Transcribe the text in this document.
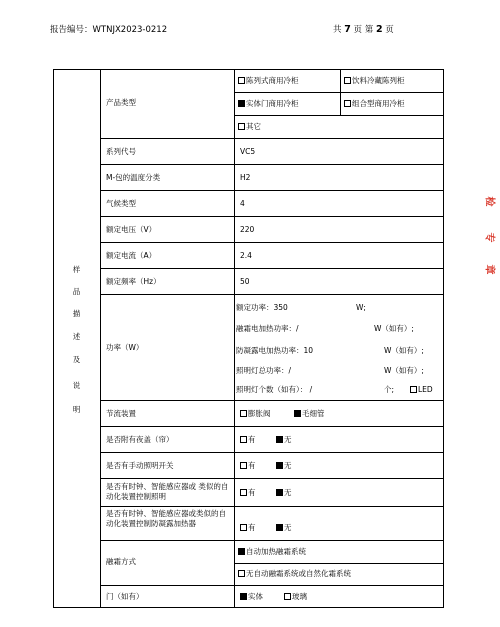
报告编号：WTNJX2023-0212	共 7 页 第 2 页
样
品
描
述
及
说
明
产品类型
陈列式商用冷柜	饮料冷藏陈列柜
实体门商用冷柜	组合型商用冷柜
其它
系列代号	VC5
M-包的温度分类	H2
气候类型	4
额定电压（V）	220
额定电流（A）	2.4
额定频率（Hz）	50
功率（W）
额定功率：350	W;
融霜电加热功率：/	W（如有）;
防凝露电加热功率：10	W（如有）;
照明灯总功率：/	W（如有）;
照明灯个数（如有）： /	个;	LED
节流装置	膨胀阀	毛细管
是否附有夜盖（帘）	有	无
是否有手动照明开关	有	无
是否有时钟、智能感应器或 类似的自动化装置控制照明	有	无
是否有时钟、智能感应器或类似的自动化装置控制防凝露加热器	有	无
融霜方式
自动加热融霜系统
无自动融霜系统或自然化霜系统
门（如有）	实体	玻璃
检
专
章
